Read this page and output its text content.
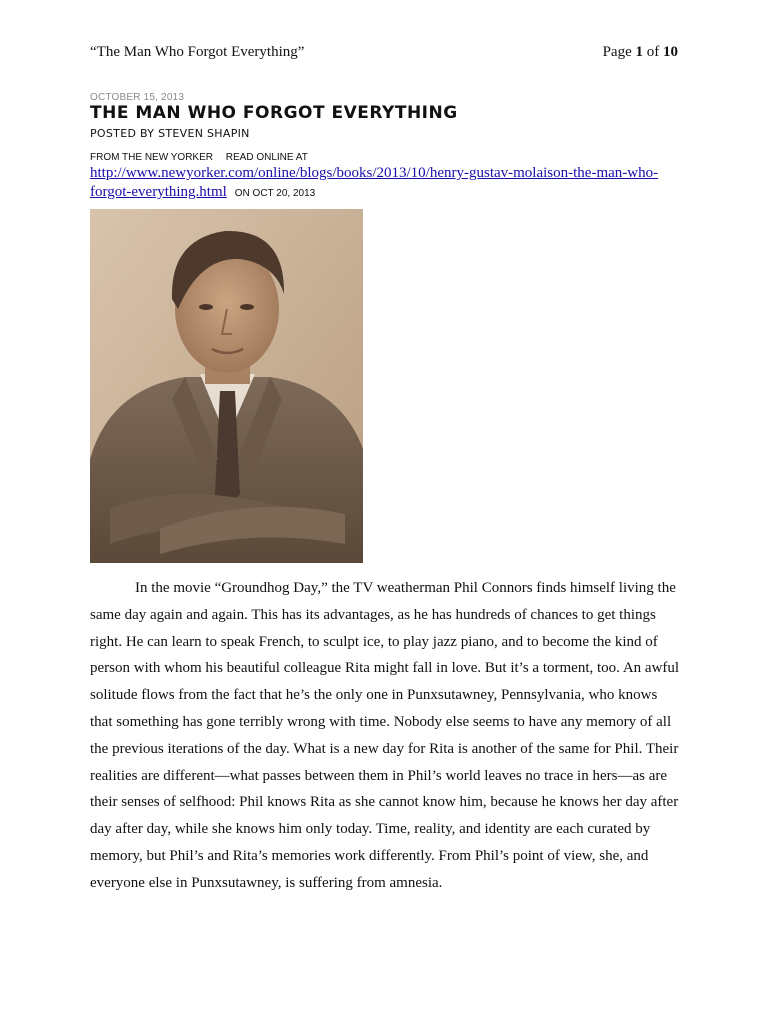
“The Man Who Forgot Everything”	Page 1 of 10
OCTOBER 15, 2013
THE MAN WHO FORGOT EVERYTHING
POSTED BY STEVEN SHAPIN
FROM THE NEW YORKER READ ONLINE AT
http://www.newyorker.com/online/blogs/books/2013/10/henry-gustav-molaison-the-man-who-forgot-everything.html ON OCT 20, 2013

In the movie “Groundhog Day,” the TV weatherman Phil Connors finds himself living the same day again and again. This has its advantages, as he has hundreds of chances to get things right. He can learn to speak French, to sculpt ice, to play jazz piano, and to become the kind of person with whom his beautiful colleague Rita might fall in love. But it’s a torment, too. An awful solitude flows from the fact that he’s the only one in Punxsutawney, Pennsylvania, who knows that something has gone terribly wrong with time. Nobody else seems to have any memory of all the previous iterations of the day. What is a new day for Rita is another of the same for Phil. Their realities are different—what passes between them in Phil’s world leaves no trace in hers—as are their senses of selfhood: Phil knows Rita as she cannot know him, because he knows her day after day after day, while she knows him only today. Time, reality, and identity are each curated by memory, but Phil’s and Rita’s memories work differently. From Phil’s point of view, she, and everyone else in Punxsutawney, is suffering from amnesia.
